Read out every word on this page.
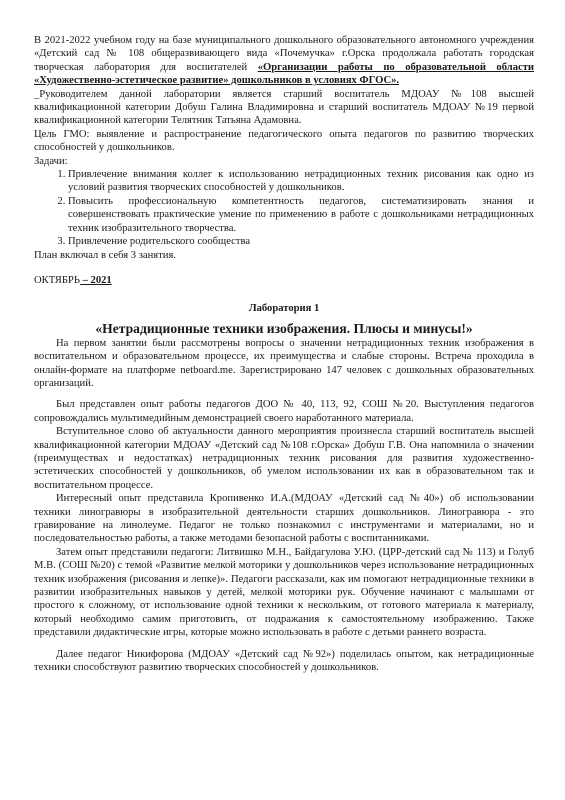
В 2021-2022 учебном году на базе муниципального дошкольного образовательного автономного учреждения «Детский сад № 108 общеразвивающего вида «Почемучка» г.Орска продолжала работать городская творческая лаборатория для воспитателей «Организации работы по образовательной области «Художественно-эстетическое развитие» дошкольников в условиях ФГОС».

_Руководителем данной лаборатории является старший воспитатель МДОАУ №108 высшей квалификационной категории Добуш Галина Владимировна и старший воспитатель МДОАУ №19 первой квалификационной категории Телятник Татьяна Адамовна.

Цель ГМО: выявление и распространение педагогического опыта педагогов по развитию творческих способностей у дошкольников.

Задачи:

1. Привлечение внимания коллег к использованию нетрадиционных техник рисования как одно из условий развития творческих способностей у дошкольников.
2. Повысить профессиональную компетентность педагогов, систематизировать знания и совершенствовать практические умение по применению в работе с дошкольниками нетрадиционных техник изобразительного творчества.
3. Привлечение родительского сообщества

План включал в себя 3 занятия.

ОКТЯБРЬ – 2021

Лаборатория 1

«Нетрадиционные техники изображения. Плюсы и минусы!»

На первом занятии были рассмотрены вопросы о значении нетрадиционных техник изображения в воспитательном и образовательном процессе, их преимущества и слабые стороны. Встреча проходила в онлайн-формате на платформе netboard.me. Зарегистрировано 147 человек с дошкольных образовательных организаций.

Был представлен опыт работы педагогов ДОО № 40, 113, 92, СОШ №20. Выступления педагогов сопровождались мультимедийным демонстрацией своего наработанного материала.

Вступительное слово об актуальности данного мероприятия произнесла старший воспитатель высшей квалификационной категории МДОАУ «Детский сад №108 г.Орска» Добуш Г.В. Она напомнила о значении (преимуществах и недостатках) нетрадиционных техник рисования для развития художественно-эстетических способностей у дошкольников, об умелом использовании их как в образовательном так и воспитательном процессе.

Интересный опыт представила Кропивенко И.А.(МДОАУ «Детский сад №40») об использовании техники линогравюры в изобразительной деятельности старших дошкольников. Линогравюра - это гравирование на линолеуме. Педагог не только познакомил с инструментами и материалами, но и последовательностью работы, а также методами безопасной работы с воспитанниками.

Затем опыт представили педагоги: Литвишко М.Н., Байдагулова У.Ю. (ЦРР-детский сад № 113) и Голуб М.В. (СОШ №20) с темой «Развитие мелкой моторики у дошкольников через использование нетрадиционных техник изображения (рисования и лепке)». Педагоги рассказали, как им помогают нетрадиционные техники в развитии изобразительных навыков у детей, мелкой моторики рук. Обучение начинают с малышами от простого к сложному, от использование одной техники к нескольким, от готового материала к материалу, который необходимо самим приготовить, от подражания к самостоятельному изображению. Также представили дидактические игры, которые можно использовать в работе с детьми раннего возраста.

Далее педагог Никифорова (МДОАУ «Детский сад №92») поделилась опытом, как нетрадиционные техники способствуют развитию творческих способностей у дошкольников.
